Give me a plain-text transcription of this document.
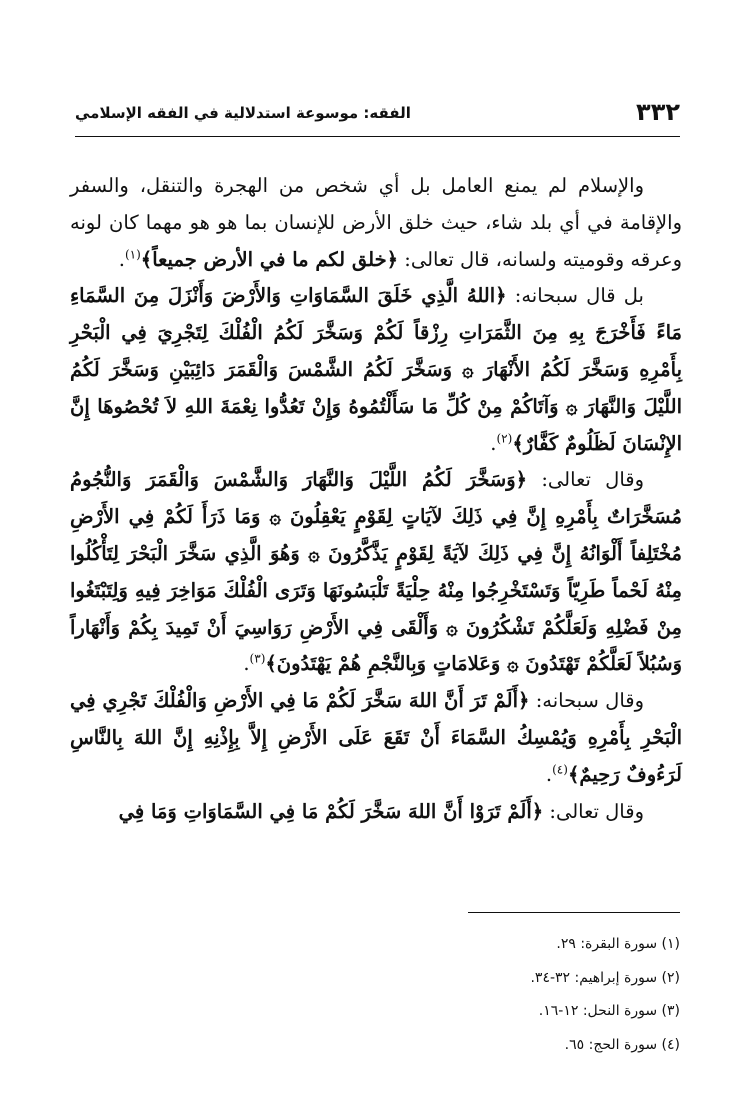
٣٣٢
الفقه: موسوعة استدلالية في الفقه الإسلامي

والإسلام لم يمنع العامل بل أي شخص من الهجرة والتنقل، والسفر والإقامة في أي بلد شاء، حيث خلق الأرض للإنسان بما هو هو مهما كان لونه وعرقه وقوميته ولسانه، قال تعالى: ﴿خلق لكم ما في الأرض جميعاً﴾$^{(١)}$.

بل قال سبحانه: ﴿اللهُ الَّذِي خَلَقَ السَّمَاوَاتِ وَالأَرْضَ وَأَنْزَلَ مِنَ السَّمَاءِ مَاءً فَأَخْرَجَ بِهِ مِنَ الثَّمَرَاتِ رِزْقاً لَكُمْ وَسَخَّرَ لَكُمُ الْفُلْكَ لِتَجْرِيَ فِي الْبَحْرِ بِأَمْرِهِ وَسَخَّرَ لَكُمُ الأَنْهَارَ ۞ وَسَخَّرَ لَكُمُ الشَّمْسَ وَالْقَمَرَ دَائِبَيْنِ وَسَخَّرَ لَكُمُ اللَّيْلَ وَالنَّهَارَ ۞ وَآتَاكُمْ مِنْ كُلِّ مَا سَأَلْتُمُوهُ وَإِنْ تَعُدُّوا نِعْمَةَ اللهِ لاَ تُحْصُوهَا إِنَّ الإِنْسَانَ لَظَلُومٌ كَفَّارٌ﴾$^{(٢)}$.

وقال تعالى: ﴿وَسَخَّرَ لَكُمُ اللَّيْلَ وَالنَّهَارَ وَالشَّمْسَ وَالْقَمَرَ وَالنُّجُومُ مُسَخَّرَاتٌ بِأَمْرِهِ إِنَّ فِي ذَلِكَ لآيَاتٍ لِقَوْمٍ يَعْقِلُونَ ۞ وَمَا ذَرَأَ لَكُمْ فِي الأَرْضِ مُخْتَلِفاً أَلْوَانُهُ إِنَّ فِي ذَلِكَ لآيَةً لِقَوْمٍ يَذَّكَّرُونَ ۞ وَهُوَ الَّذِي سَخَّرَ الْبَحْرَ لِتَأْكُلُوا مِنْهُ لَحْماً طَرِيّاً وَتَسْتَخْرِجُوا مِنْهُ حِلْيَةً تَلْبَسُونَهَا وَتَرَى الْفُلْكَ مَوَاخِرَ فِيهِ وَلِتَبْتَغُوا مِنْ فَضْلِهِ وَلَعَلَّكُمْ تَشْكُرُونَ ۞ وَأَلْقَى فِي الأَرْضِ رَوَاسِيَ أَنْ تَمِيدَ بِكُمْ وَأَنْهَاراً وَسُبُلاً لَعَلَّكُمْ تَهْتَدُونَ ۞ وَعَلامَاتٍ وَبِالنَّجْمِ هُمْ يَهْتَدُونَ﴾$^{(٣)}$.

وقال سبحانه: ﴿أَلَمْ تَرَ أَنَّ اللهَ سَخَّرَ لَكُمْ مَا فِي الأَرْضِ وَالْفُلْكَ تَجْرِي فِي الْبَحْرِ بِأَمْرِهِ وَيُمْسِكُ السَّمَاءَ أَنْ تَقَعَ عَلَى الأَرْضِ إِلاَّ بِإِذْنِهِ إِنَّ اللهَ بِالنَّاسِ لَرَءُوفٌ رَحِيمٌ﴾$^{(٤)}$.

وقال تعالى: ﴿أَلَمْ تَرَوْا أَنَّ اللهَ سَخَّرَ لَكُمْ مَا فِي السَّمَاوَاتِ وَمَا فِي

(١) سورة البقرة: ٢٩.
(٢) سورة إبراهيم: ٣٢-٣٤.
(٣) سورة النحل: ١٢-١٦.
(٤) سورة الحج: ٦٥.
